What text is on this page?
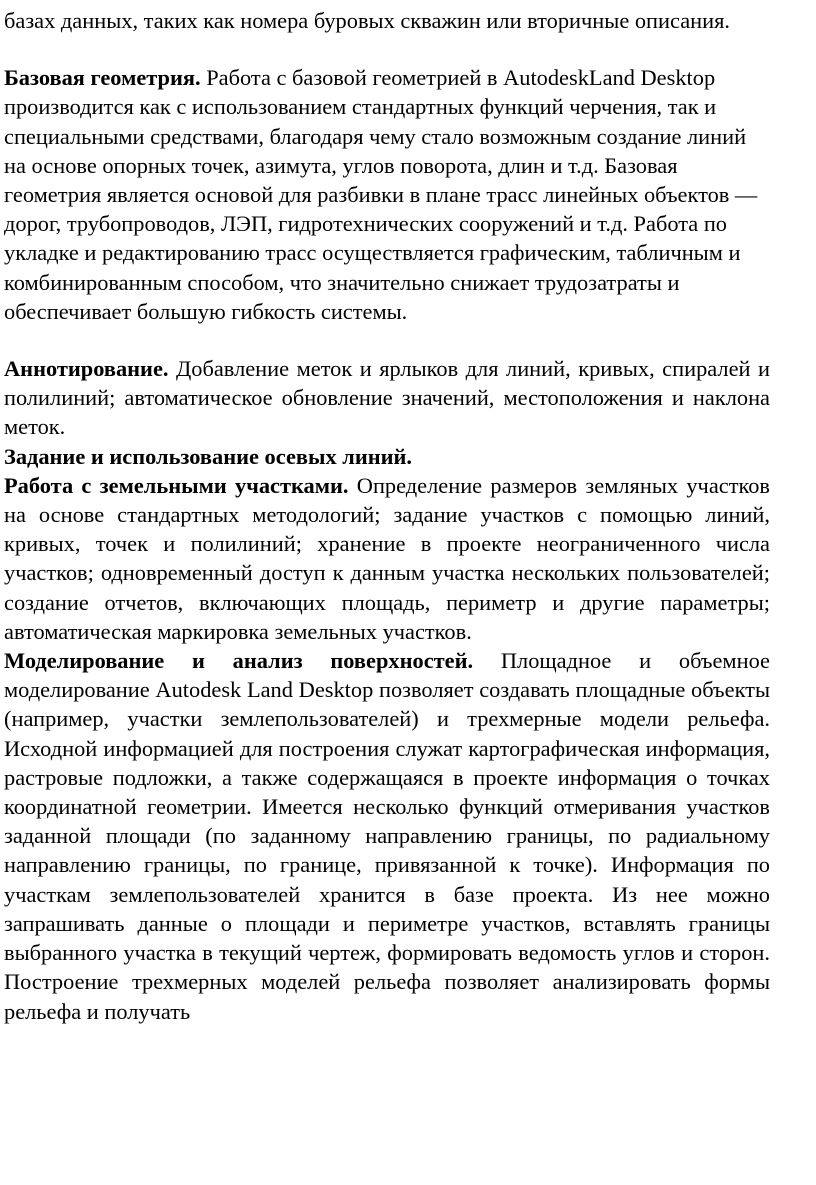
базах данных, таких как номера буровых скважин или вторичные описания.

Базовая геометрия. Работа с базовой геометрией в AutodeskLand Desktop производится как с использованием стандартных функций черчения, так и специальными средствами, благодаря чему стало возможным создание линий на основе опорных точек, азимута, углов поворота, длин и т.д. Базовая геометрия является основой для разбивки в плане трасс линейных объектов — дорог, трубопроводов, ЛЭП, гидротехнических сооружений и т.д. Работа по укладке и редактированию трасс осуществляется графическим, табличным и комбинированным способом, что значительно снижает трудозатраты и обеспечивает большую гибкость системы.

Аннотирование. Добавление меток и ярлыков для линий, кривых, спиралей и полилиний; автоматическое обновление значений, местоположения и наклона меток.

Задание и использование осевых линий.

Работа с земельными участками. Определение размеров земляных участков на основе стандартных методологий; задание участков с помощью линий, кривых, точек и полилиний; хранение в проекте неограниченного числа участков; одновременный доступ к данным участка нескольких пользователей; создание отчетов, включающих площадь, периметр и другие параметры; автоматическая маркировка земельных участков.

Моделирование и анализ поверхностей. Площадное и объемное моделирование Autodesk Land Desktop позволяет создавать площадные объекты (например, участки землепользователей) и трехмерные модели рельефа. Исходной информацией для построения служат картографическая информация, растровые подложки, а также содержащаяся в проекте информация о точках координатной геометрии. Имеется несколько функций отмеривания участков заданной площади (по заданному направлению границы, по радиальному направлению границы, по границе, привязанной к точке). Информация по участкам землепользователей хранится в базе проекта. Из нее можно запрашивать данные о площади и периметре участков, вставлять границы выбранного участка в текущий чертеж, формировать ведомость углов и сторон. Построение трехмерных моделей рельефа позволяет анализировать формы рельефа и получать
